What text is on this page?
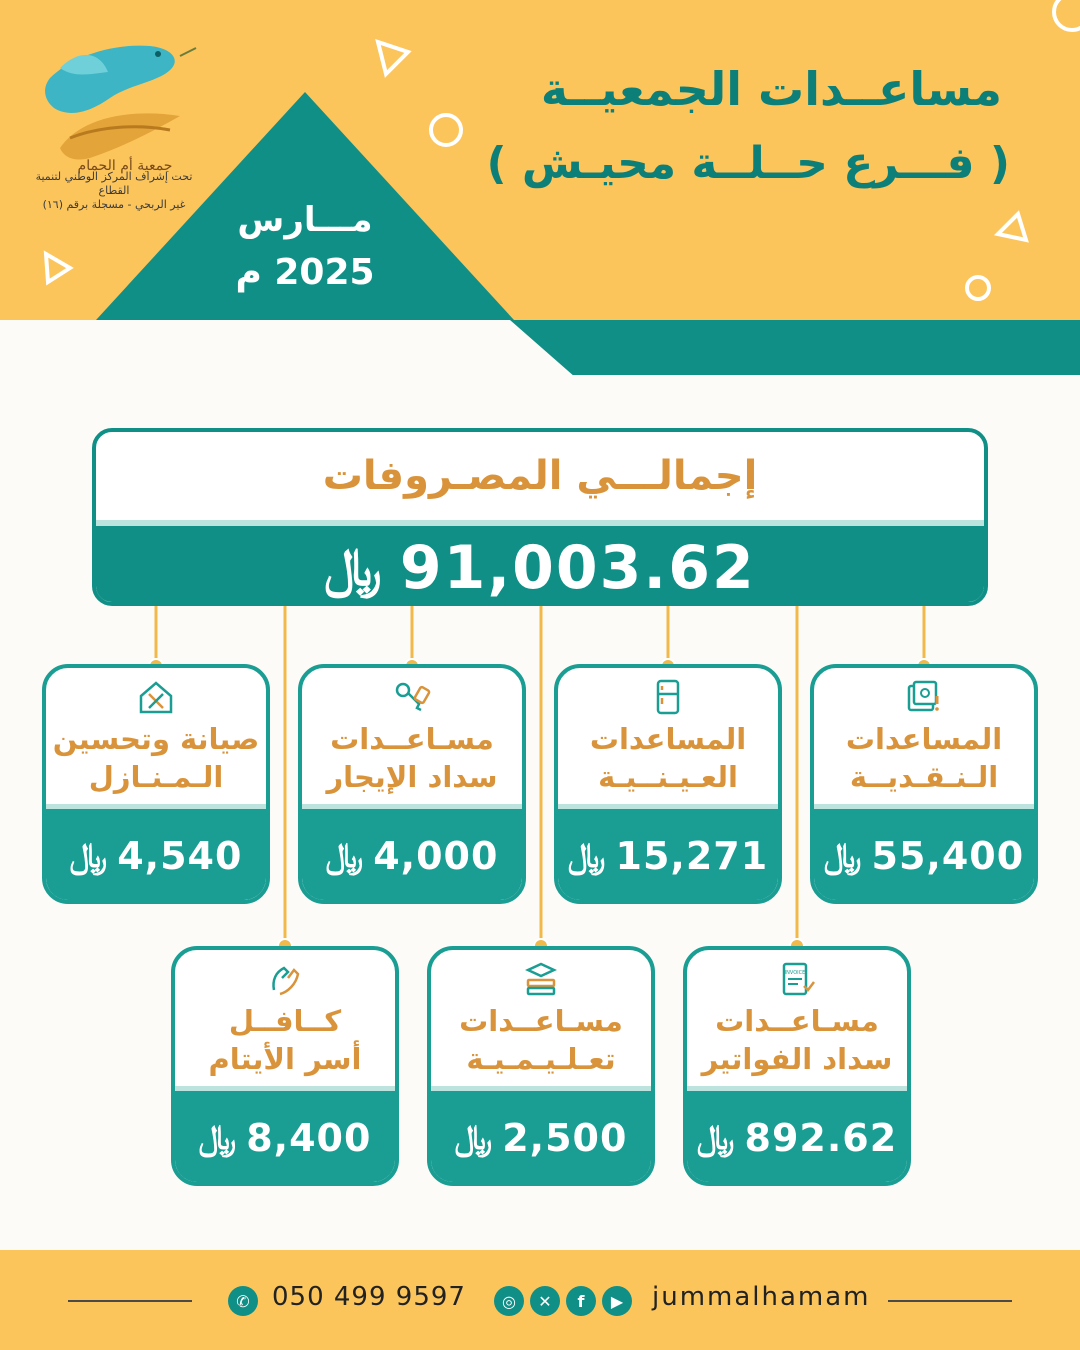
مـــارس
2025 م
مساعــدات الجمعيــة
( فـــرع حــلــة محيـش )
جمعية أم الحمام
تحت إشراف المركز الوطني لتنمية القطاع
غير الربحي - مسجلة برقم (١٦)
إجمالـــي المصـروفات
﷼ 91,003.62
المساعدات
الـنـقـديــة
﷼ 55,400
المساعدات
العـيـنــيـة
﷼ 15,271
مسـاعــدات
سداد الإيجار
﷼ 4,000
صيانة وتحسين
الـمـنـازل
﷼ 4,540
INVOICE
مسـاعــدات
سداد الفواتير
﷼ 892.62
مسـاعــدات
تعـلـيـمـيـة
﷼ 2,500
كــافــل
أسر الأيتام
﷼ 8,400
✆ 050 499 9597	◎	✕	f	▶	jummalhamam
